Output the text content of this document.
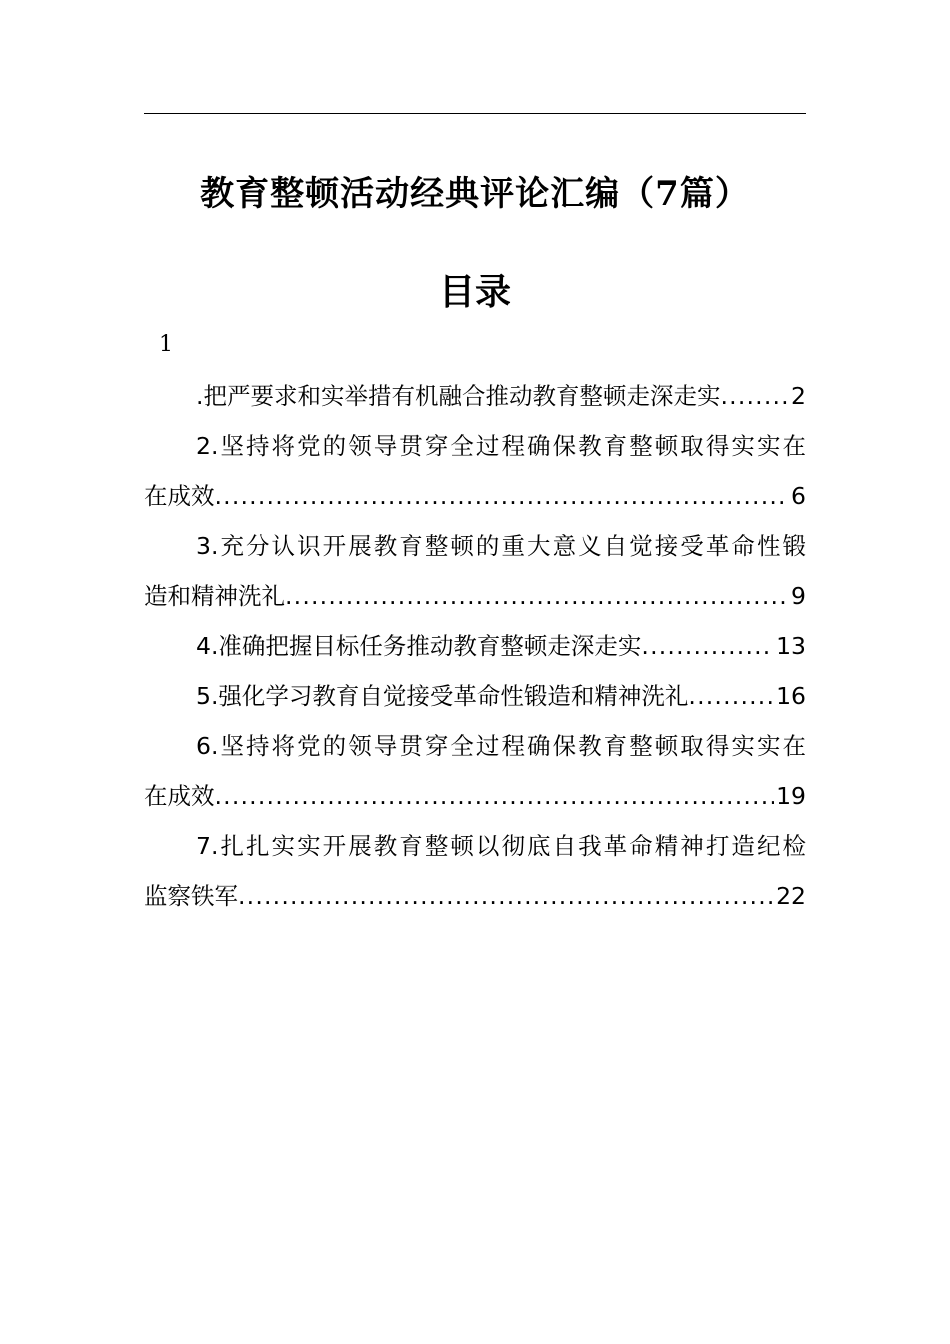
教育整顿活动经典评论汇编（7篇）
目录
1
.把严要求和实举措有机融合推动教育整顿走深走实 .....	2
2.坚持将党的领导贯穿全过程确保教育整顿取得实实在
在成效 .....	6
3.充分认识开展教育整顿的重大意义自觉接受革命性锻
造和精神洗礼 .....	9
4.准确把握目标任务推动教育整顿走深走实 .....	13
5.强化学习教育自觉接受革命性锻造和精神洗礼 .....	16
6.坚持将党的领导贯穿全过程确保教育整顿取得实实在
在成效 .....	19
7.扎扎实实开展教育整顿以彻底自我革命精神打造纪检
监察铁军 .....	22
